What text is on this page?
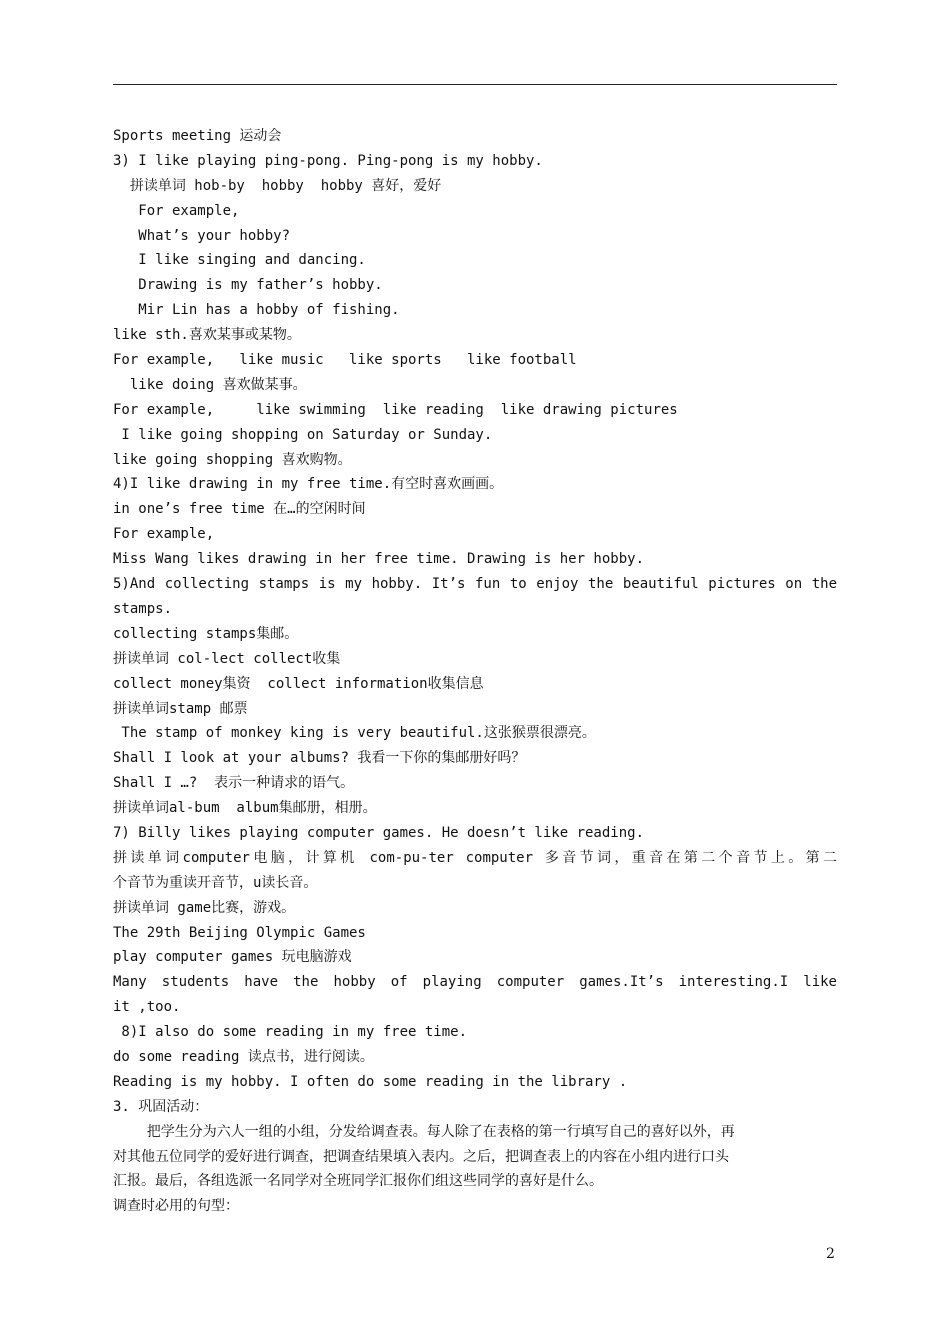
Sports meeting 运动会
3) I like playing ping-pong. Ping-pong is my hobby.
拼读单词 hob-by  hobby  hobby 喜好，爱好
For example,
What’s your hobby?
I like singing and dancing.
Drawing is my father’s hobby.
Mir Lin has a hobby of fishing.
like sth.喜欢某事或某物。
For example,   like music   like sports   like football
like doing 喜欢做某事。
For example,     like swimming  like reading  like drawing pictures
I like going shopping on Saturday or Sunday.
like going shopping 喜欢购物。
4)I like drawing in my free time.有空时喜欢画画。
in one’s free time 在…的空闲时间
For example,
Miss Wang likes drawing in her free time. Drawing is her hobby.
5)And collecting stamps is my hobby. It’s fun to enjoy the beautiful pictures on the
stamps.
collecting stamps集邮。
拼读单词 col-lect collect收集
collect money集资  collect information收集信息
拼读单词stamp 邮票
The stamp of monkey king is very beautiful.这张猴票很漂亮。
Shall I look at your albums? 我看一下你的集邮册好吗？
Shall I …?  表示一种请求的语气。
拼读单词al-bum  album集邮册，相册。
7) Billy likes playing computer games. He doesn’t like reading.
拼读单词computer电脑，计算机 com-pu-ter computer 多音节词，重音在第二个音节上。第二
个音节为重读开音节，u读长音。
拼读单词 game比赛，游戏。
The 29th Beijing Olympic Games
play computer games 玩电脑游戏
Many students have the hobby of playing computer games.It’s interesting.I like
it ,too.
8)I also do some reading in my free time.
do some reading 读点书，进行阅读。
Reading is my hobby. I often do some reading in the library .
3. 巩固活动：
把学生分为六人一组的小组，分发给调查表。每人除了在表格的第一行填写自己的喜好以外，再
对其他五位同学的爱好进行调查，把调查结果填入表内。之后，把调查表上的内容在小组内进行口头
汇报。最后，各组选派一名同学对全班同学汇报你们组这些同学的喜好是什么。
调查时必用的句型：
2
